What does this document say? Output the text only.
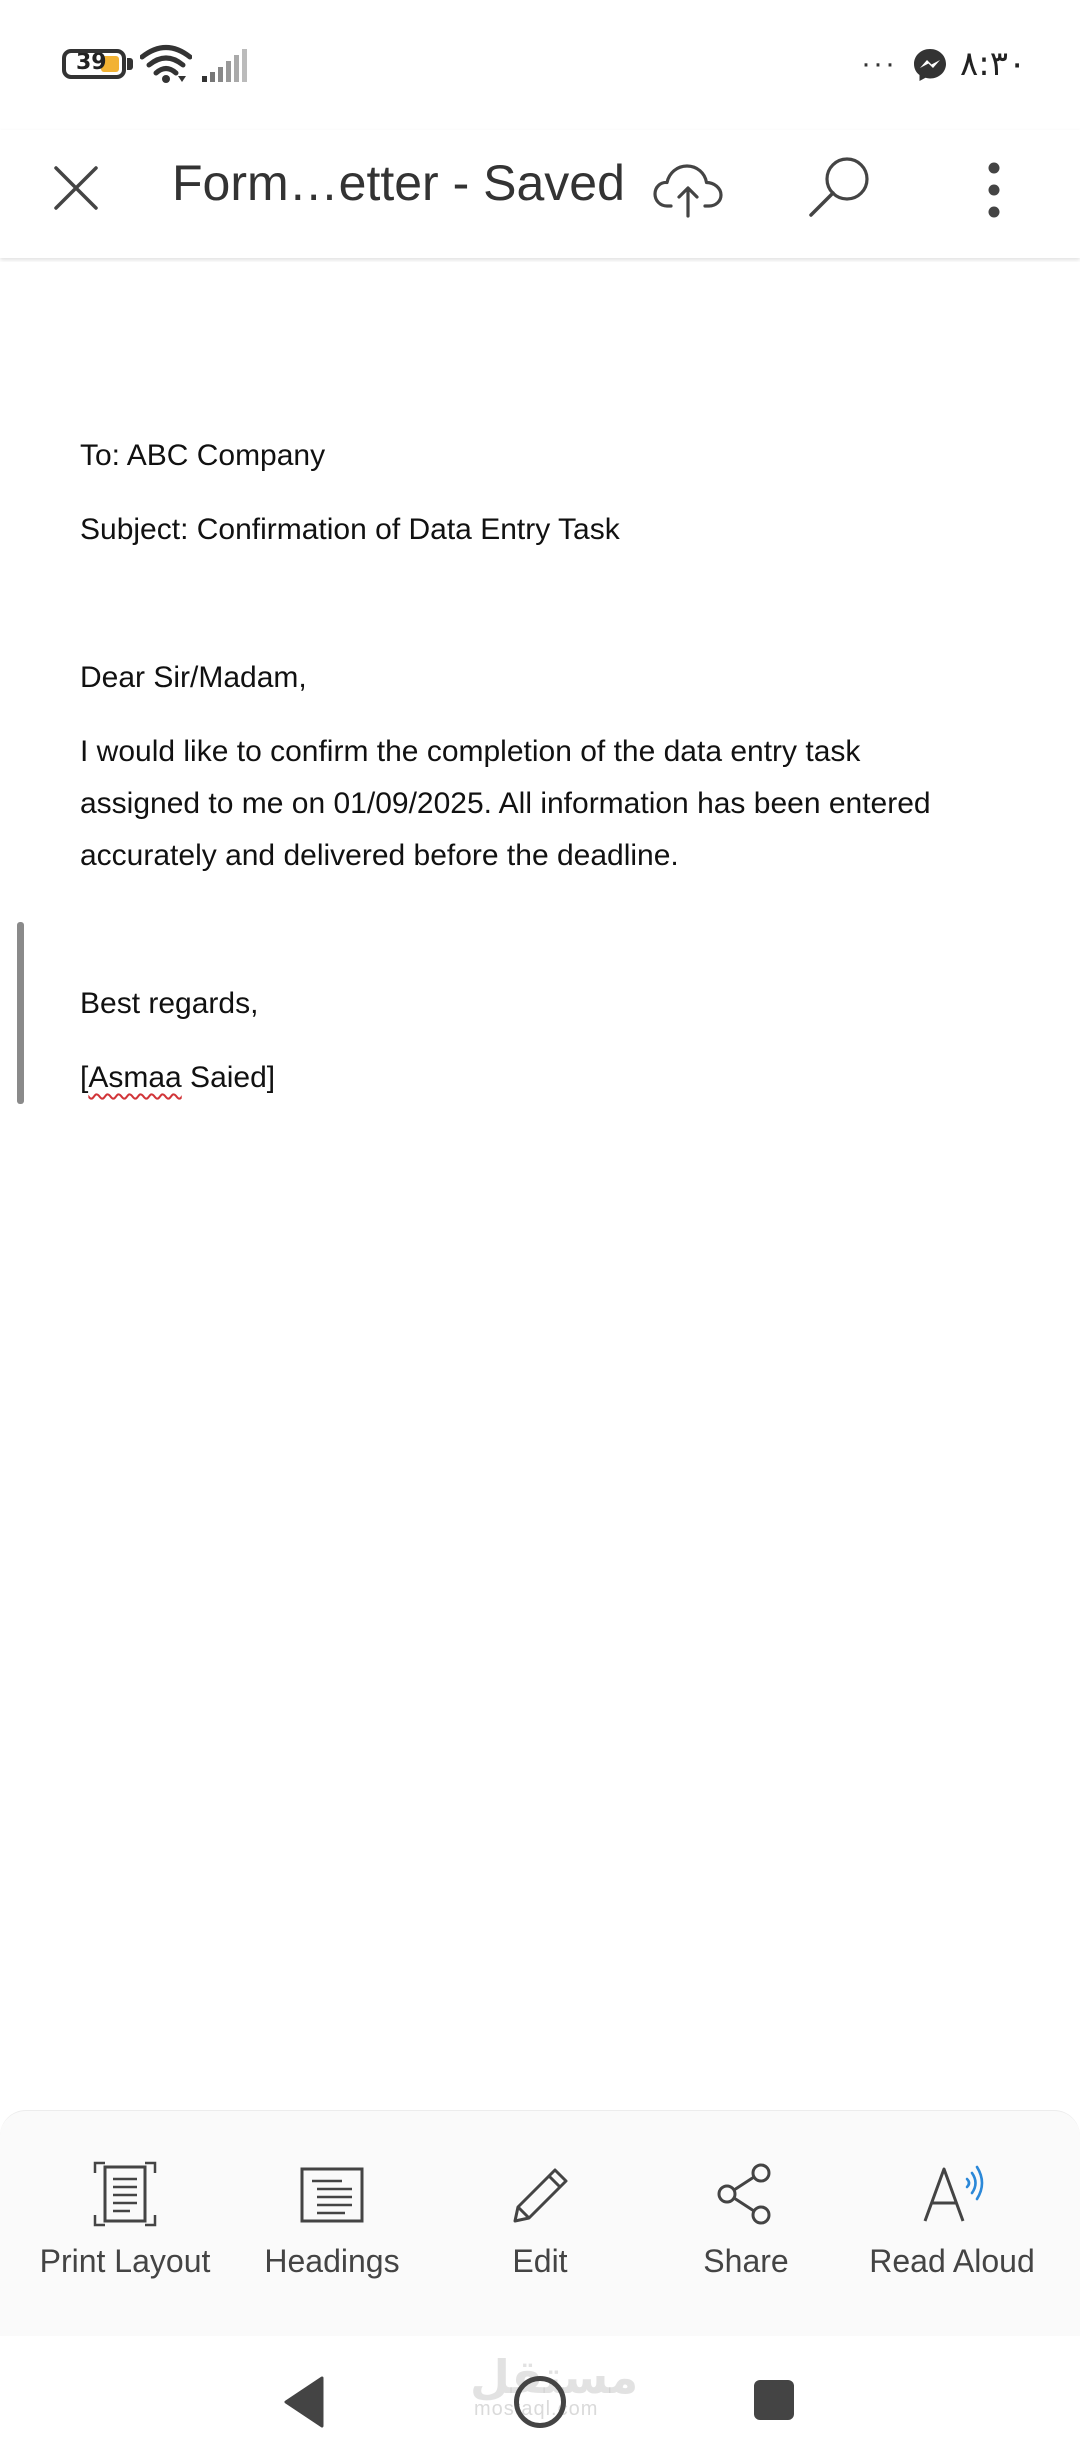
39	··· ٨:٣٠
Form…etter - Saved
To: ABC Company
Subject: Confirmation of Data Entry Task
Dear Sir/Madam,
I would like to confirm the completion of the data entry task
assigned to me on 01/09/2025. All information has been entered
accurately and delivered before the deadline.
Best regards,
[Asmaa Saied]
Print Layout	Headings	Edit	Share	Read Aloud
مستقل
mostaql.com
